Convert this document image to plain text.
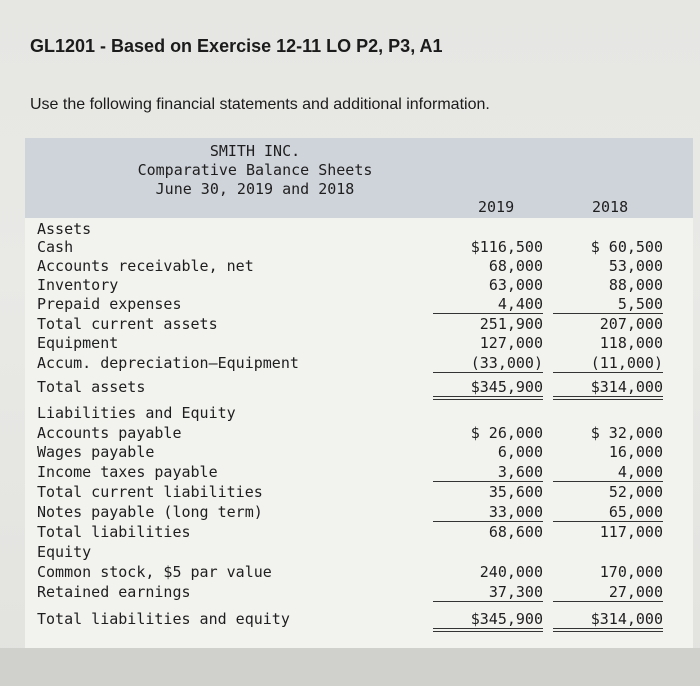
GL1201 - Based on Exercise 12-11 LO P2, P3, A1
Use the following financial statements and additional information.
SMITH INC.
Comparative Balance Sheets
June 30, 2019 and 2018
2019	2018
Assets
Cash	$116,500	$ 60,500
Accounts receivable, net	68,000	53,000
Inventory	63,000	88,000
Prepaid expenses	4,400	5,500
Total current assets	251,900	207,000
Equipment	127,000	118,000
Accum. depreciation–Equipment	(33,000)	(11,000)
Total assets	$345,900	$314,000
Liabilities and Equity
Accounts payable	$ 26,000	$ 32,000
Wages payable	6,000	16,000
Income taxes payable	3,600	4,000
Total current liabilities	35,600	52,000
Notes payable (long term)	33,000	65,000
Total liabilities	68,600	117,000
Equity
Common stock, $5 par value	240,000	170,000
Retained earnings	37,300	27,000
Total liabilities and equity	$345,900	$314,000
